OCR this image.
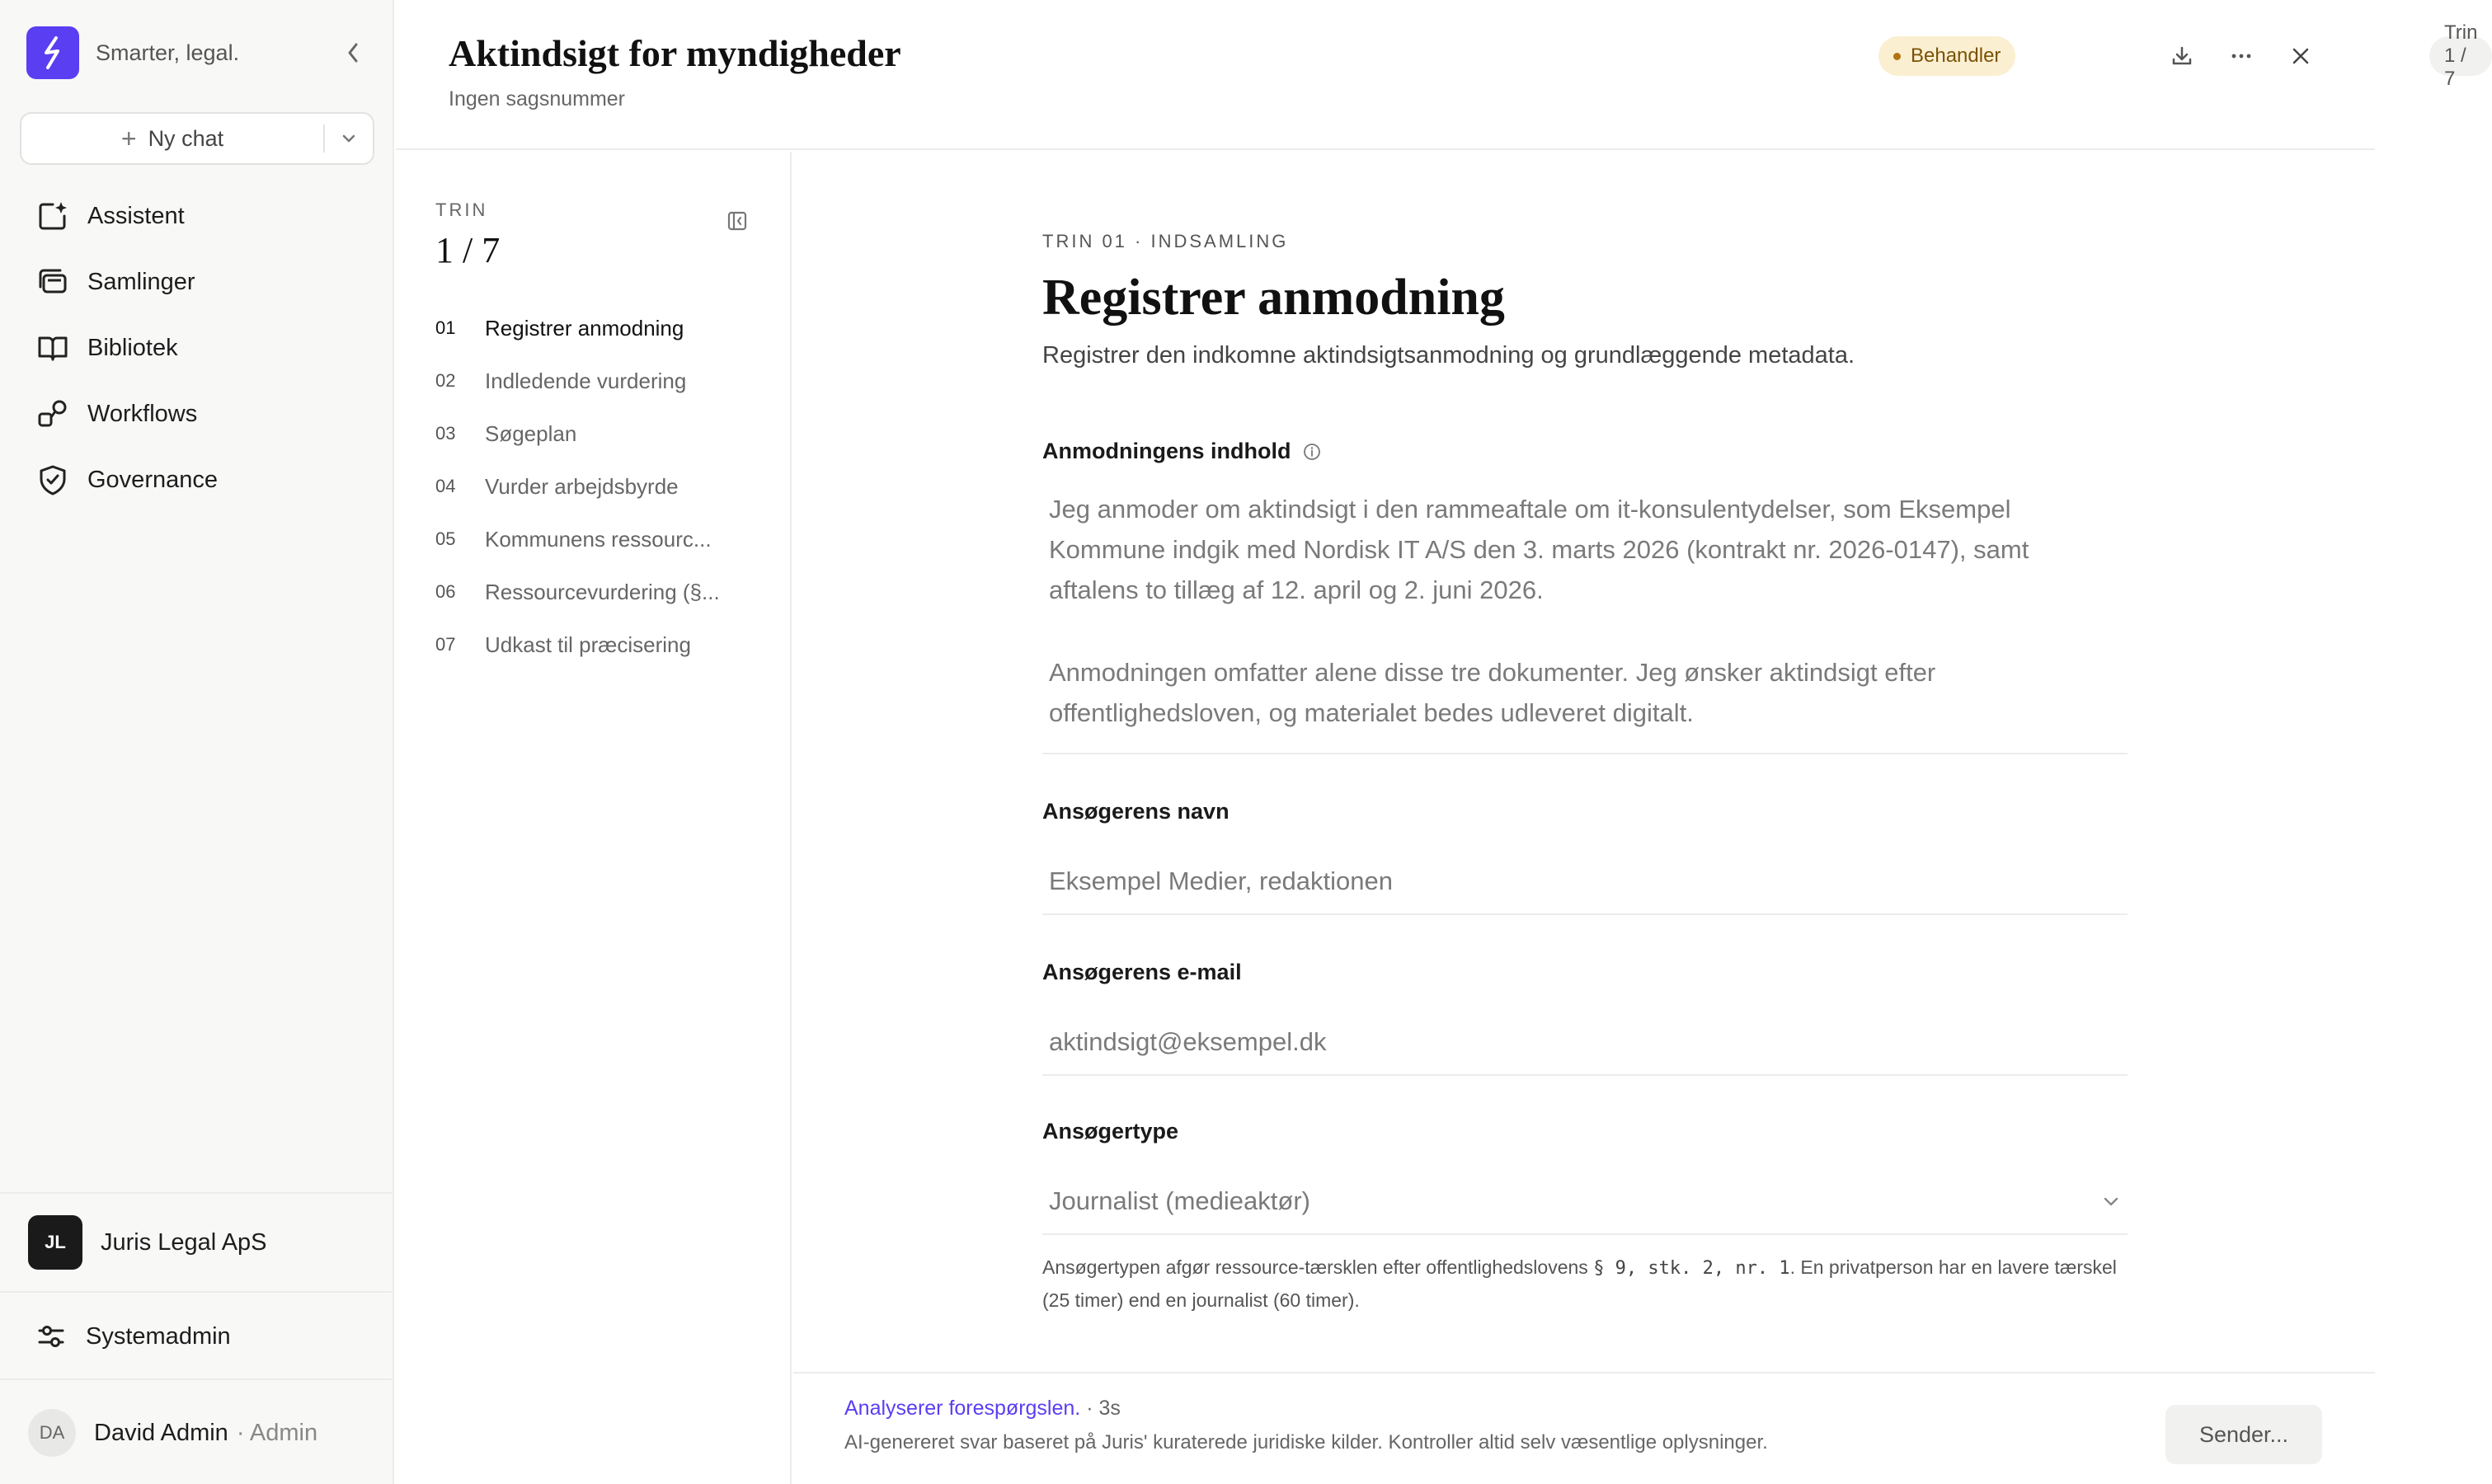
Smarter, legal.
+ Ny chat
Assistent
Samlinger
Bibliotek
Workflows
Governance
JL	Juris Legal ApS
Systemadmin
DA	David Admin · Admin
Aktindsigt for myndigheder
Ingen sagsnummer
Behandler
Trin 1 / 7
TRIN
1 / 7
01	Registrer anmodning
02	Indledende vurdering
03	Søgeplan
04	Vurder arbejdsbyrde
05	Kommunens ressourc...
06	Ressourcevurdering (§...
07	Udkast til præcisering
TRIN 01 · INDSAMLING
Registrer anmodning

Registrer den indkomne aktindsigtsanmodning og grundlæggende metadata.

Anmodningens indhold

Jeg anmoder om aktindsigt i den rammeaftale om it-konsulentydelser, som Eksempel Kommune indgik med Nordisk IT A/S den 3. marts 2026 (kontrakt nr. 2026-0147), samt aftalens to tillæg af 12. april og 2. juni 2026.

Anmodningen omfatter alene disse tre dokumenter. Jeg ønsker aktindsigt efter offentlighedsloven, og materialet bedes udleveret digitalt.

Ansøgerens navn
Eksempel Medier, redaktionen
Ansøgerens e-mail
aktindsigt@eksempel.dk
Ansøgertype
Journalist (medieaktør)

Ansøgertypen afgør ressource-tærsklen efter offentlighedslovens § 9, stk. 2, nr. 1. En privatperson har en lavere tærskel (25 timer) end en journalist (60 timer).

Analyserer forespørgslen. · 3s
AI-genereret svar baseret på Juris' kuraterede juridiske kilder. Kontroller altid selv væsentlige oplysninger.	Sender...
